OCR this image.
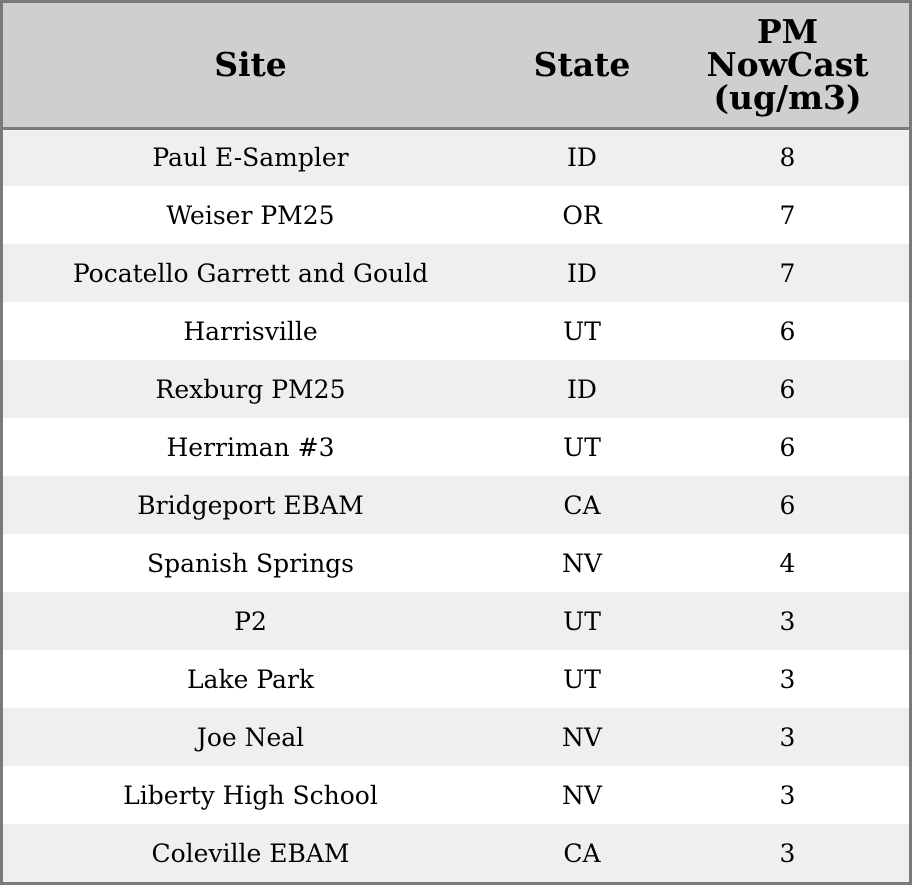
Site	State	PM
NowCast
(ug/m3)
Paul E-Sampler	ID	8
Weiser PM25	OR	7
Pocatello Garrett and Gould	ID	7
Harrisville	UT	6
Rexburg PM25	ID	6
Herriman #3	UT	6
Bridgeport EBAM	CA	6
Spanish Springs	NV	4
P2	UT	3
Lake Park	UT	3
Joe Neal	NV	3
Liberty High School	NV	3
Coleville EBAM	CA	3
